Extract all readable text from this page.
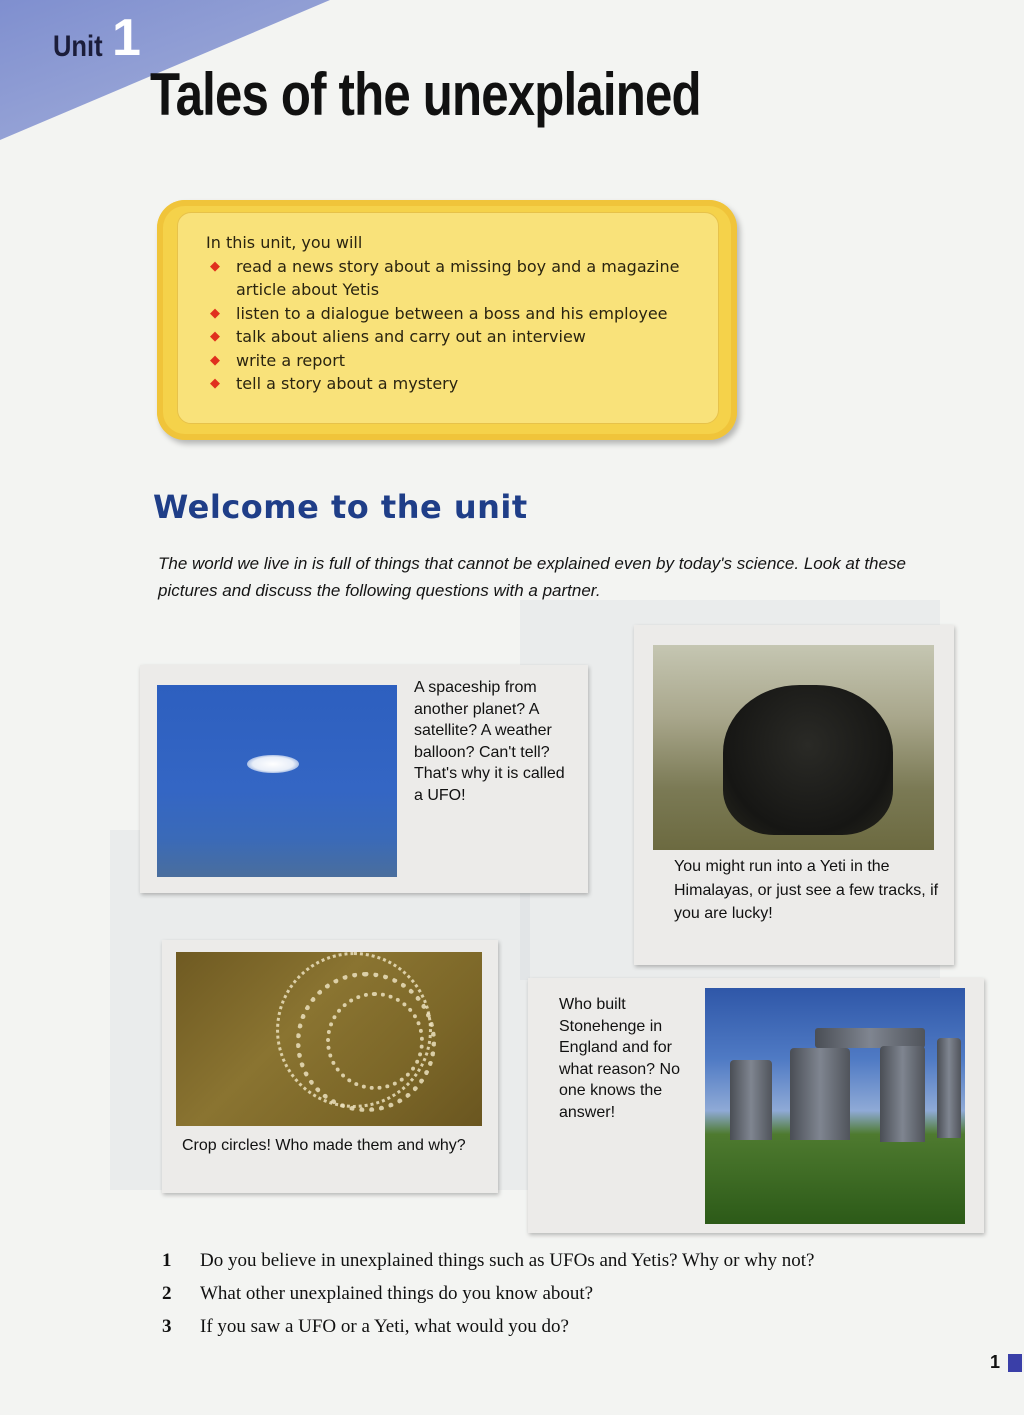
Unit 1
Tales of the unexplained
In this unit, you will
◆ read a news story about a missing boy and a magazine article about Yetis
◆ listen to a dialogue between a boss and his employee
◆ talk about aliens and carry out an interview
◆ write a report
◆ tell a story about a mystery
Welcome to the unit
The world we live in is full of things that cannot be explained even by today's science. Look at these pictures and discuss the following questions with a partner.
A spaceship from another planet? A satellite? A weather balloon? Can't tell? That's why it is called a UFO!
You might run into a Yeti in the Himalayas, or just see a few tracks, if you are lucky!
Crop circles! Who made them and why?
Who built Stonehenge in England and for what reason? No one knows the answer!
1 Do you believe in unexplained things such as UFOs and Yetis? Why or why not?
2 What other unexplained things do you know about?
3 If you saw a UFO or a Yeti, what would you do?
1
